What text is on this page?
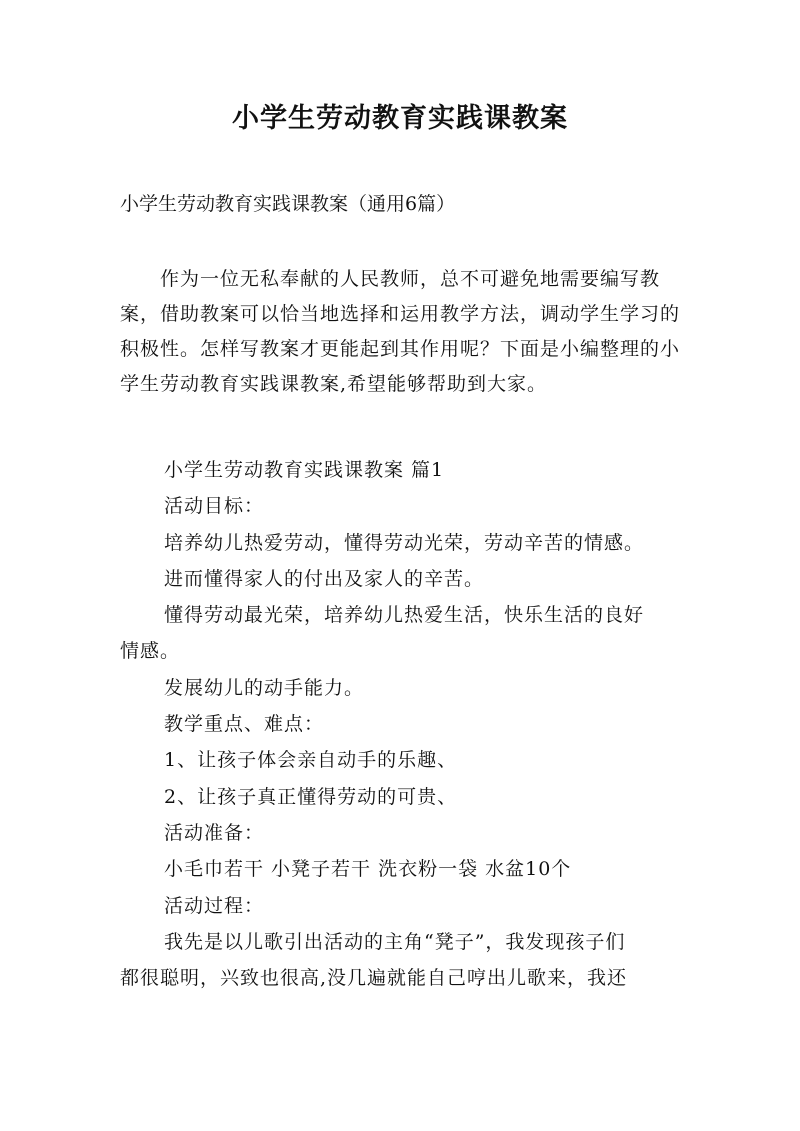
小学生劳动教育实践课教案
小学生劳动教育实践课教案（通用6篇）
作为一位无私奉献的人民教师，总不可避免地需要编写教案，借助教案可以恰当地选择和运用教学方法，调动学生学习的积极性。怎样写教案才更能起到其作用呢？下面是小编整理的小学生劳动教育实践课教案,希望能够帮助到大家。
小学生劳动教育实践课教案 篇1
活动目标：
培养幼儿热爱劳动，懂得劳动光荣，劳动辛苦的情感。
进而懂得家人的付出及家人的辛苦。
懂得劳动最光荣，培养幼儿热爱生活，快乐生活的良好
情感。
发展幼儿的动手能力。
教学重点、难点：
1、让孩子体会亲自动手的乐趣、
2、让孩子真正懂得劳动的可贵、
活动准备：
小毛巾若干 小凳子若干 洗衣粉一袋 水盆10个
活动过程：
我先是以儿歌引出活动的主角“凳子”，我发现孩子们
都很聪明，兴致也很高,没几遍就能自己哼出儿歌来，我还
